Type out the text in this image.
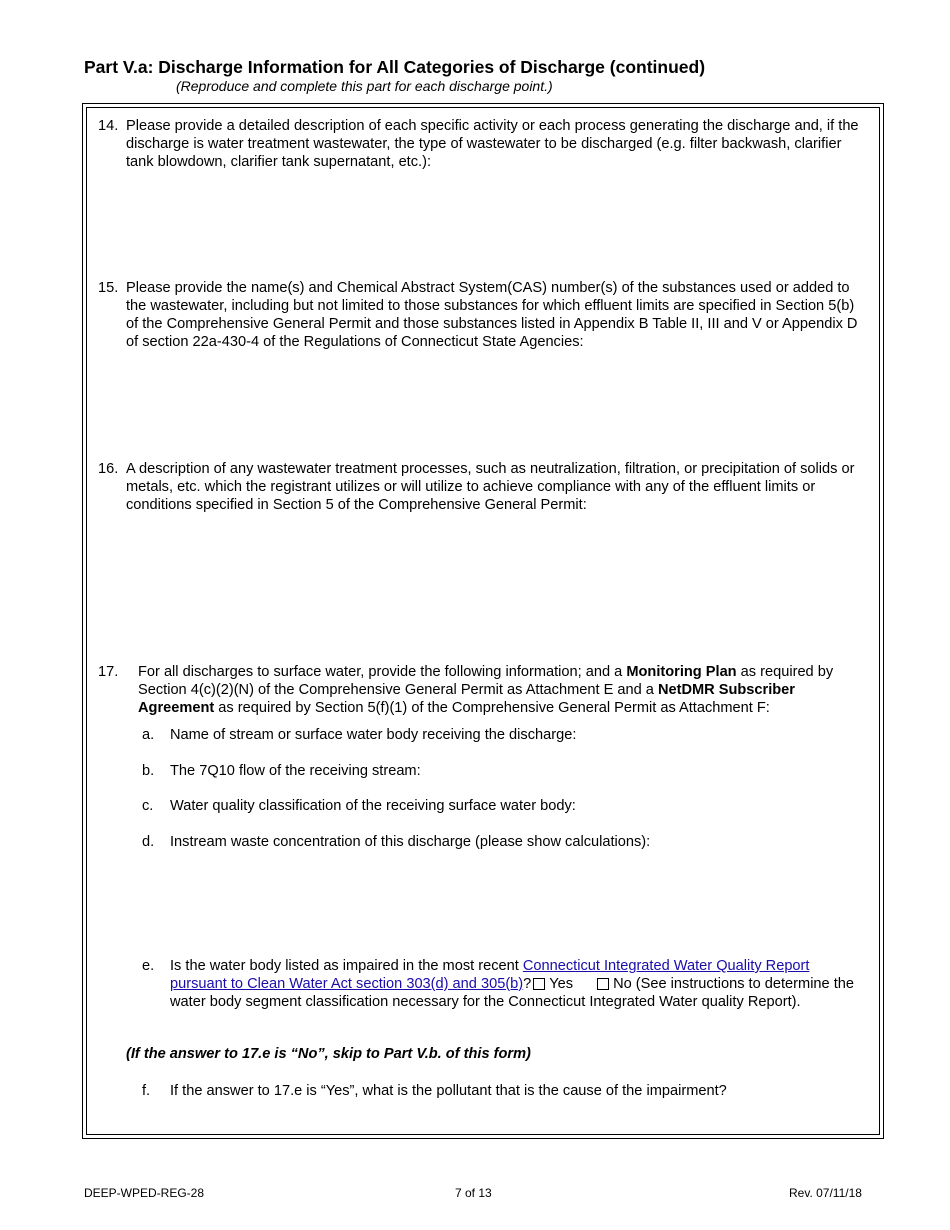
Part V.a: Discharge Information for All Categories of Discharge (continued)
(Reproduce and complete this part for each discharge point.)
14. Please provide a detailed description of each specific activity or each process generating the discharge and, if the discharge is water treatment wastewater, the type of wastewater to be discharged (e.g. filter backwash, clarifier tank blowdown, clarifier tank supernatant, etc.):
15. Please provide the name(s) and Chemical Abstract System(CAS) number(s) of the substances used or added to the wastewater, including but not limited to those substances for which effluent limits are specified in Section 5(b) of the Comprehensive General Permit and those substances listed in Appendix B Table II, III and V or Appendix D of section 22a-430-4 of the Regulations of Connecticut State Agencies:
16. A description of any wastewater treatment processes, such as neutralization, filtration, or precipitation of solids or metals, etc. which the registrant utilizes or will utilize to achieve compliance with any of the effluent limits or conditions specified in Section 5 of the Comprehensive General Permit:
17. For all discharges to surface water, provide the following information; and a Monitoring Plan as required by Section 4(c)(2)(N) of the Comprehensive General Permit as Attachment E and a NetDMR Subscriber Agreement as required by Section 5(f)(1) of the Comprehensive General Permit as Attachment F:
a. Name of stream or surface water body receiving the discharge:
b. The 7Q10 flow of the receiving stream:
c. Water quality classification of the receiving surface water body:
d. Instream waste concentration of this discharge (please show calculations):
e. Is the water body listed as impaired in the most recent Connecticut Integrated Water Quality Report pursuant to Clean Water Act section 303(d) and 305(b)? Yes	No (See instructions to determine the water body segment classification necessary for the Connecticut Integrated Water quality Report).
(If the answer to 17.e is “No”, skip to Part V.b. of this form)
f. If the answer to 17.e is “Yes”, what is the pollutant that is the cause of the impairment?
DEEP-WPED-REG-28	7 of 13	Rev. 07/11/18
